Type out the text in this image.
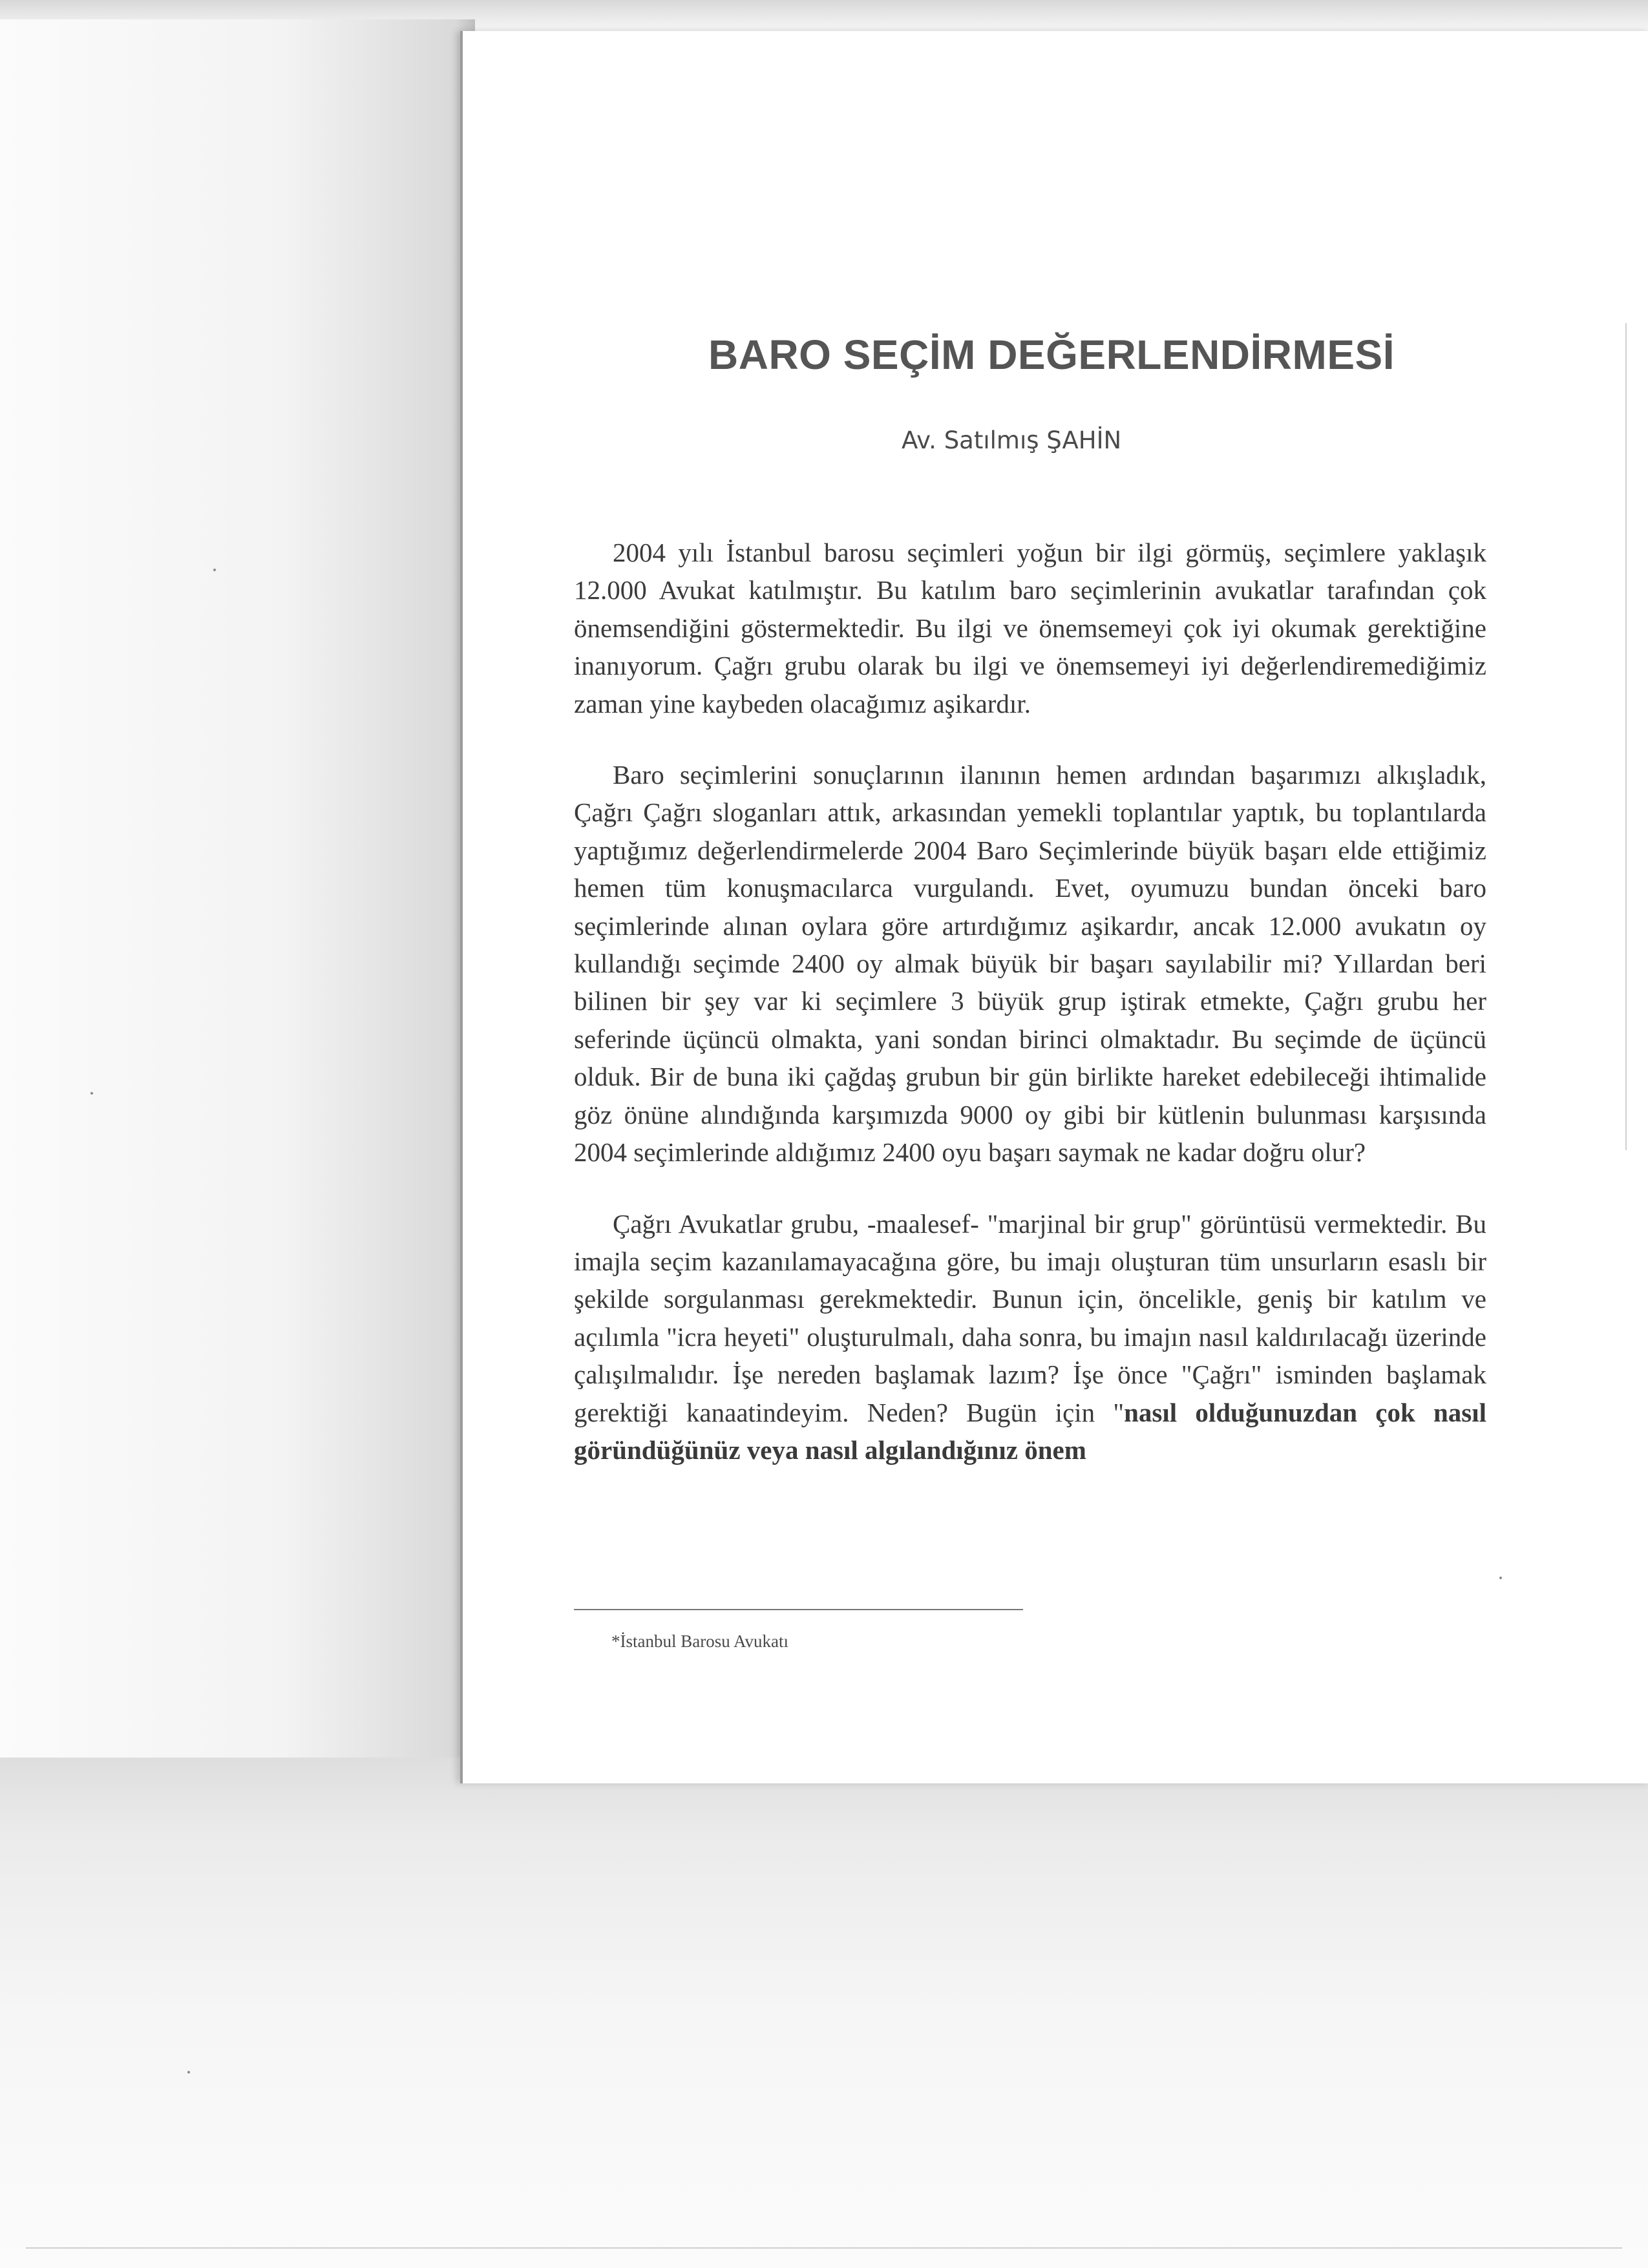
BARO SEÇİM DEĞERLENDİRMESİ

Av. Satılmış ŞAHİN

2004 yılı İstanbul barosu seçimleri yoğun bir ilgi görmüş, seçimlere yaklaşık 12.000 Avukat katılmıştır. Bu katılım baro seçimlerinin avukatlar tarafından çok önemsendiğini göstermektedir. Bu ilgi ve önemsemeyi çok iyi okumak gerektiğine inanıyorum. Çağrı grubu olarak bu ilgi ve önemsemeyi iyi değerlendiremediğimiz zaman yine kaybeden olacağımız aşikardır.

Baro seçimlerini sonuçlarının ilanının hemen ardından başarımızı alkışladık, Çağrı Çağrı sloganları attık, arkasından yemekli toplantılar yaptık, bu toplantılarda yaptığımız değerlendirmelerde 2004 Baro Seçimlerinde büyük başarı elde ettiğimiz hemen tüm konuşmacılarca vurgulandı. Evet, oyumuzu bundan önceki baro seçimlerinde alınan oylara göre artırdığımız aşikardır, ancak 12.000 avukatın oy kullandığı seçimde 2400 oy almak büyük bir başarı sayılabilir mi? Yıllardan beri bilinen bir şey var ki seçimlere 3 büyük grup iştirak etmekte, Çağrı grubu her seferinde üçüncü olmakta, yani sondan birinci olmaktadır. Bu seçimde de üçüncü olduk. Bir de buna iki çağdaş grubun bir gün birlikte hareket edebileceği ihtimalide göz önüne alındığında karşımızda 9000 oy gibi bir kütlenin bulunması karşısında 2004 seçimlerinde aldığımız 2400 oyu başarı saymak ne kadar doğru olur?

Çağrı Avukatlar grubu, -maalesef- "marjinal bir grup" görüntüsü vermektedir. Bu imajla seçim kazanılamayacağına göre, bu imajı oluşturan tüm unsurların esaslı bir şekilde sorgulanması gerekmektedir. Bunun için, öncelikle, geniş bir katılım ve açılımla "icra heyeti" oluşturulmalı, daha sonra, bu imajın nasıl kaldırılacağı üzerinde çalışılmalıdır. İşe nereden başlamak lazım? İşe önce "Çağrı" isminden başlamak gerektiği kanaatindeyim. Neden? Bugün için "nasıl olduğunuzdan çok nasıl göründüğünüz veya nasıl algılandığınız önem

*İstanbul Barosu Avukatı
